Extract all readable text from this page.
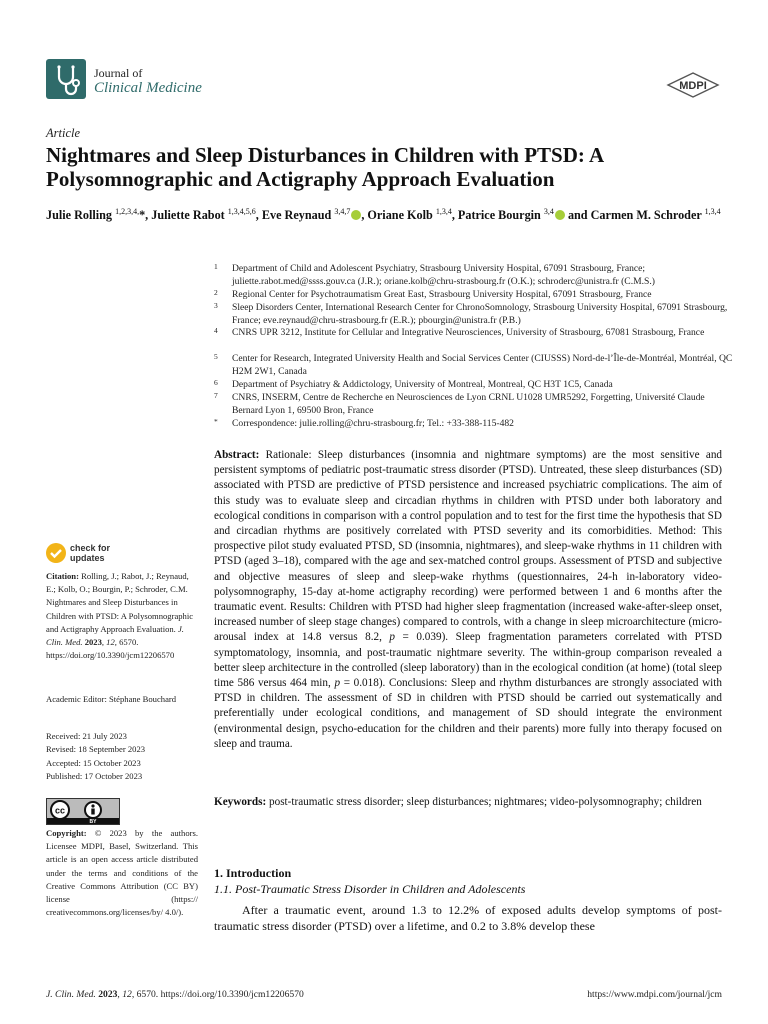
Journal of
Clinical Medicine	MDPI
Article
Nightmares and Sleep Disturbances in Children with PTSD: A Polysomnographic and Actigraphy Approach Evaluation
Julie Rolling $^{1,2,3,4,}$*, Juliette Rabot $^{1,3,4,5,6}$, Eve Reynaud $^{3,4,7}$ , Oriane Kolb $^{1,3,4}$, Patrice Bourgin $^{3,4}$ and Carmen M. Schroder $^{1,3,4}$
1 Department of Child and Adolescent Psychiatry, Strasbourg University Hospital, 67091 Strasbourg, France; juliette.rabot.med@ssss.gouv.ca (J.R.); oriane.kolb@chru-strasbourg.fr (O.K.); schroderc@unistra.fr (C.M.S.)
2 Regional Center for Psychotraumatism Great East, Strasbourg University Hospital, 67091 Strasbourg, France
3 Sleep Disorders Center, International Research Center for ChronoSomnology, Strasbourg University Hospital, 67091 Strasbourg, France; eve.reynaud@chru-strasbourg.fr (E.R.); pbourgin@unistra.fr (P.B.)
4 CNRS UPR 3212, Institute for Cellular and Integrative Neurosciences, University of Strasbourg, 67081 Strasbourg, France
5 Center for Research, Integrated University Health and Social Services Center (CIUSSS) Nord-de-l’Île-de-Montréal, Montréal, QC H2M 2W1, Canada
6 Department of Psychiatry & Addictology, University of Montreal, Montreal, QC H3T 1C5, Canada
7 CNRS, INSERM, Centre de Recherche en Neurosciences de Lyon CRNL U1028 UMR5292, Forgetting, Université Claude Bernard Lyon 1, 69500 Bron, France
* Correspondence: julie.rolling@chru-strasbourg.fr; Tel.: +33-388-115-482
Abstract: Rationale: Sleep disturbances (insomnia and nightmare symptoms) are the most sensitive and persistent symptoms of pediatric post-traumatic stress disorder (PTSD). Untreated, these sleep disturbances (SD) associated with PTSD are predictive of PTSD persistence and increased psychiatric complications. The aim of this study was to evaluate sleep and circadian rhythms in children with PTSD under both laboratory and ecological conditions in comparison with a control population and to test for the first time the hypothesis that SD and circadian rhythms are positively correlated with PTSD severity and its comorbidities. Method: This prospective pilot study evaluated PTSD, SD (insomnia, nightmares), and sleep-wake rhythms in 11 children with PTSD (aged 3–18), compared with the age and sex-matched control groups. Assessment of PTSD and subjective and objective measures of sleep and sleep-wake rhythms (questionnaires, 24-h in-laboratory video-polysomnography, 15-day at-home actigraphy recording) were performed between 1 and 6 months after the traumatic event. Results: Children with PTSD had higher sleep fragmentation (increased wake-after-sleep onset, increased number of sleep stage changes) compared to controls, with a change in sleep microarchitecture (micro-arousal index at 14.8 versus 8.2, p = 0.039). Sleep fragmentation parameters correlated with PTSD symptomatology, insomnia, and post-traumatic nightmare severity. The within-group comparison revealed a better sleep architecture in the controlled (sleep laboratory) than in the ecological condition (at home) (total sleep time 586 versus 464 min, p = 0.018). Conclusions: Sleep and rhythm disturbances are strongly associated with PTSD in children. The assessment of SD in children with PTSD should be carried out systematically and preferentially under ecological conditions, and management of SD should integrate the environment (environmental design, psycho-education for the children and their parents) more fully into therapy focused on sleep and trauma.
Keywords: post-traumatic stress disorder; sleep disturbances; nightmares; video-polysomnography; children
check for
updates
Citation: Rolling, J.; Rabot, J.; Reynaud, E.; Kolb, O.; Bourgin, P.; Schroder, C.M. Nightmares and Sleep Disturbances in Children with PTSD: A Polysomnographic and Actigraphy Approach Evaluation. J. Clin. Med. 2023, 12, 6570. https://doi.org/10.3390/jcm12206570
Academic Editor: Stéphane Bouchard
Received: 21 July 2023
Revised: 18 September 2023
Accepted: 15 October 2023
Published: 17 October 2023
cc
BY
Copyright: © 2023 by the authors. Licensee MDPI, Basel, Switzerland. This article is an open access article distributed under the terms and conditions of the Creative Commons Attribution (CC BY) license (https:// creativecommons.org/licenses/by/ 4.0/).
1. Introduction
1.1. Post-Traumatic Stress Disorder in Children and Adolescents
After a traumatic event, around 1.3 to 12.2% of exposed adults develop symptoms of post-traumatic stress disorder (PTSD) over a lifetime, and 0.2 to 3.8% develop these
J. Clin. Med. 2023, 12, 6570. https://doi.org/10.3390/jcm12206570	https://www.mdpi.com/journal/jcm
